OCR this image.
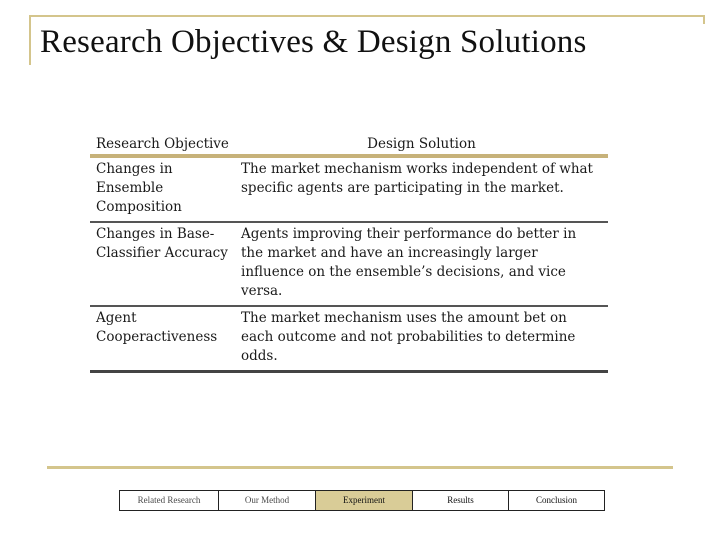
Research Objectives & Design Solutions
Research Objective	Design Solution
Changes in Ensemble Composition	The market mechanism works independent of what specific agents are participating in the market.
Changes in Base-Classifier Accuracy	Agents improving their performance do better in the market and have an increasingly larger influence on the ensemble’s decisions, and vice versa.
Agent Cooperactiveness	The market mechanism uses the amount bet on each outcome and not probabilities to determine odds.
Related Research	Our Method	Experiment	Results	Conclusion
